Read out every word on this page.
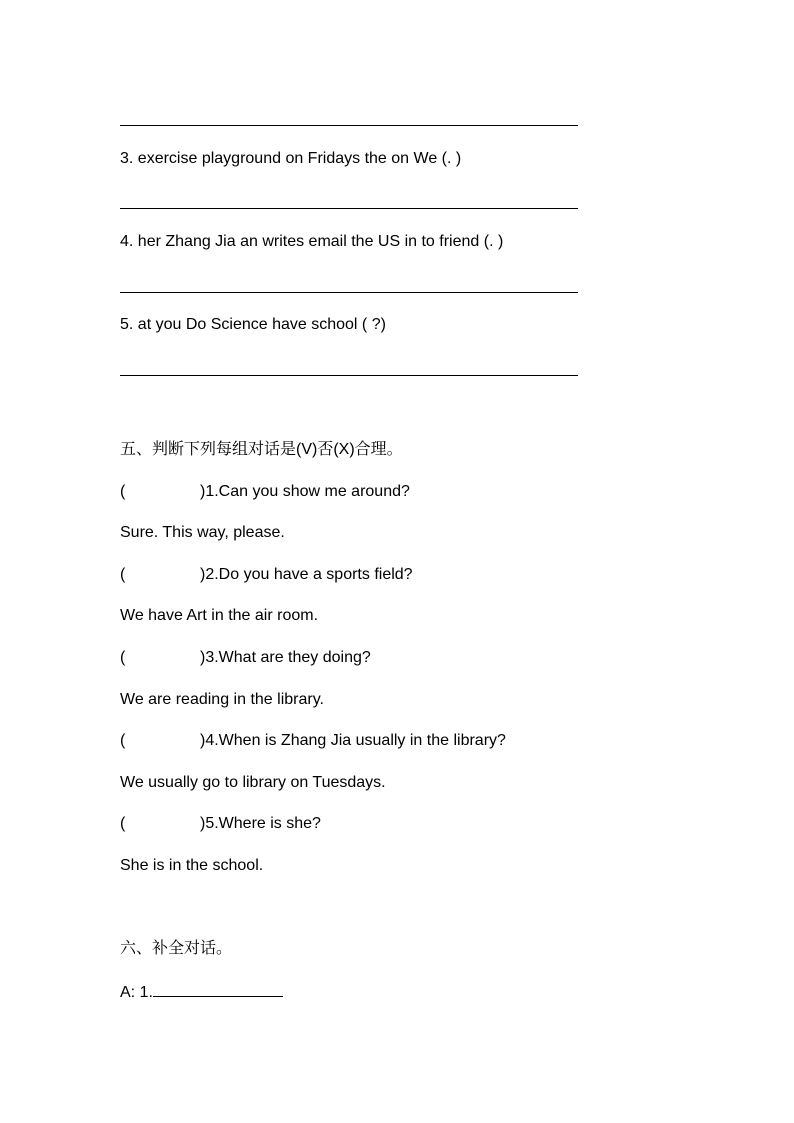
3. exercise playground on Fridays the on We (. )
4. her Zhang Jia an writes email the US in to friend (. )
5. at you Do Science have school ( ?)
五、判断下列每组对话是(V)否(X)合理。
(	)1.Can you show me around?
Sure. This way, please.
(	)2.Do you have a sports field?
We have Art in the air room.
(	)3.What are they doing?
We are reading in the library.
(	)4.When is Zhang Jia usually in the library?
We usually go to library on Tuesdays.
(	)5.Where is she?
She is in the school.
六、补全对话。
A: 1.
